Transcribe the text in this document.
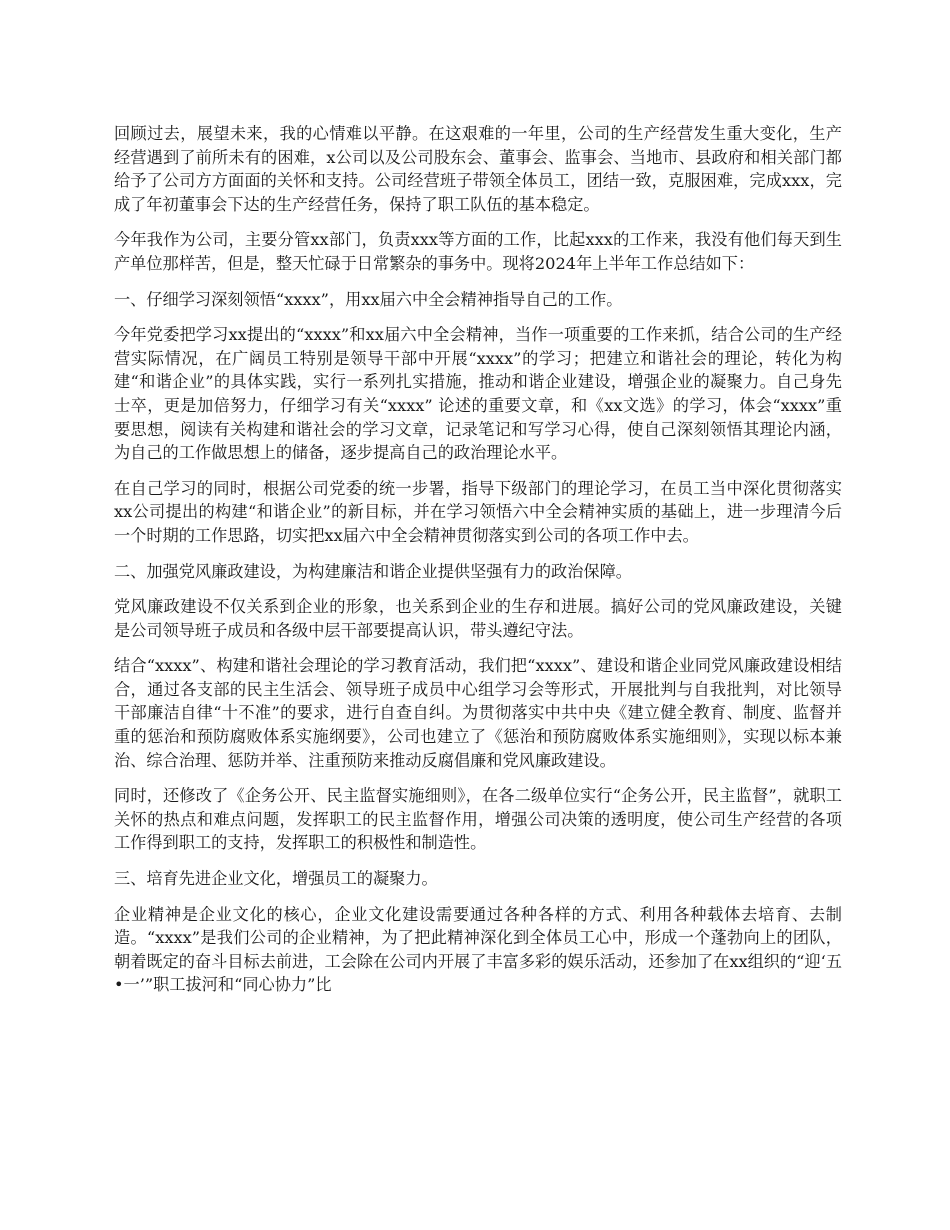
回顾过去，展望未来，我的心情难以平静。在这艰难的一年里，公司的生产经营发生重大变化，生产经营遇到了前所未有的困难，x公司以及公司股东会、董事会、监事会、当地市、县政府和相关部门都给予了公司方方面面的关怀和支持。公司经营班子带领全体员工，团结一致，克服困难，完成xxx，完成了年初董事会下达的生产经营任务，保持了职工队伍的基本稳定。

今年我作为公司，主要分管xx部门，负责xxx等方面的工作，比起xxx的工作来，我没有他们每天到生产单位那样苦，但是，整天忙碌于日常繁杂的事务中。现将2024年上半年工作总结如下：

一、仔细学习深刻领悟“xxxx”，用xx届六中全会精神指导自己的工作。

今年党委把学习xx提出的“xxxx”和xx届六中全会精神，当作一项重要的工作来抓，结合公司的生产经营实际情况，在广阔员工特别是领导干部中开展“xxxx”的学习；把建立和谐社会的理论，转化为构建“和谐企业”的具体实践，实行一系列扎实措施，推动和谐企业建设，增强企业的凝聚力。自己身先士卒，更是加倍努力，仔细学习有关“xxxx” 论述的重要文章，和《xx文选》的学习，体会“xxxx”重要思想，阅读有关构建和谐社会的学习文章，记录笔记和写学习心得，使自己深刻领悟其理论内涵，为自己的工作做思想上的储备，逐步提高自己的政治理论水平。

在自己学习的同时，根据公司党委的统一步署，指导下级部门的理论学习，在员工当中深化贯彻落实xx公司提出的构建“和谐企业”的新目标，并在学习领悟六中全会精神实质的基础上，进一步理清今后一个时期的工作思路，切实把xx届六中全会精神贯彻落实到公司的各项工作中去。

二、加强党风廉政建设，为构建廉洁和谐企业提供坚强有力的政治保障。

党风廉政建设不仅关系到企业的形象，也关系到企业的生存和进展。搞好公司的党风廉政建设，关键是公司领导班子成员和各级中层干部要提高认识，带头遵纪守法。

结合“xxxx”、构建和谐社会理论的学习教育活动，我们把“xxxx”、建设和谐企业同党风廉政建设相结合，通过各支部的民主生活会、领导班子成员中心组学习会等形式，开展批判与自我批判，对比领导干部廉洁自律“十不准”的要求，进行自查自纠。为贯彻落实中共中央《建立健全教育、制度、监督并重的惩治和预防腐败体系实施纲要》，公司也建立了《惩治和预防腐败体系实施细则》，实现以标本兼治、综合治理、惩防并举、注重预防来推动反腐倡廉和党风廉政建设。

同时，还修改了《企务公开、民主监督实施细则》，在各二级单位实行“企务公开，民主监督”，就职工关怀的热点和难点问题，发挥职工的民主监督作用，增强公司决策的透明度，使公司生产经营的各项工作得到职工的支持，发挥职工的积极性和制造性。

三、培育先进企业文化，增强员工的凝聚力。

企业精神是企业文化的核心，企业文化建设需要通过各种各样的方式、利用各种载体去培育、去制造。“xxxx”是我们公司的企业精神，为了把此精神深化到全体员工心中，形成一个蓬勃向上的团队，朝着既定的奋斗目标去前进，工会除在公司内开展了丰富多彩的娱乐活动，还参加了在xx组织的“迎‘五•一’”职工拔河和“同心协力”比
